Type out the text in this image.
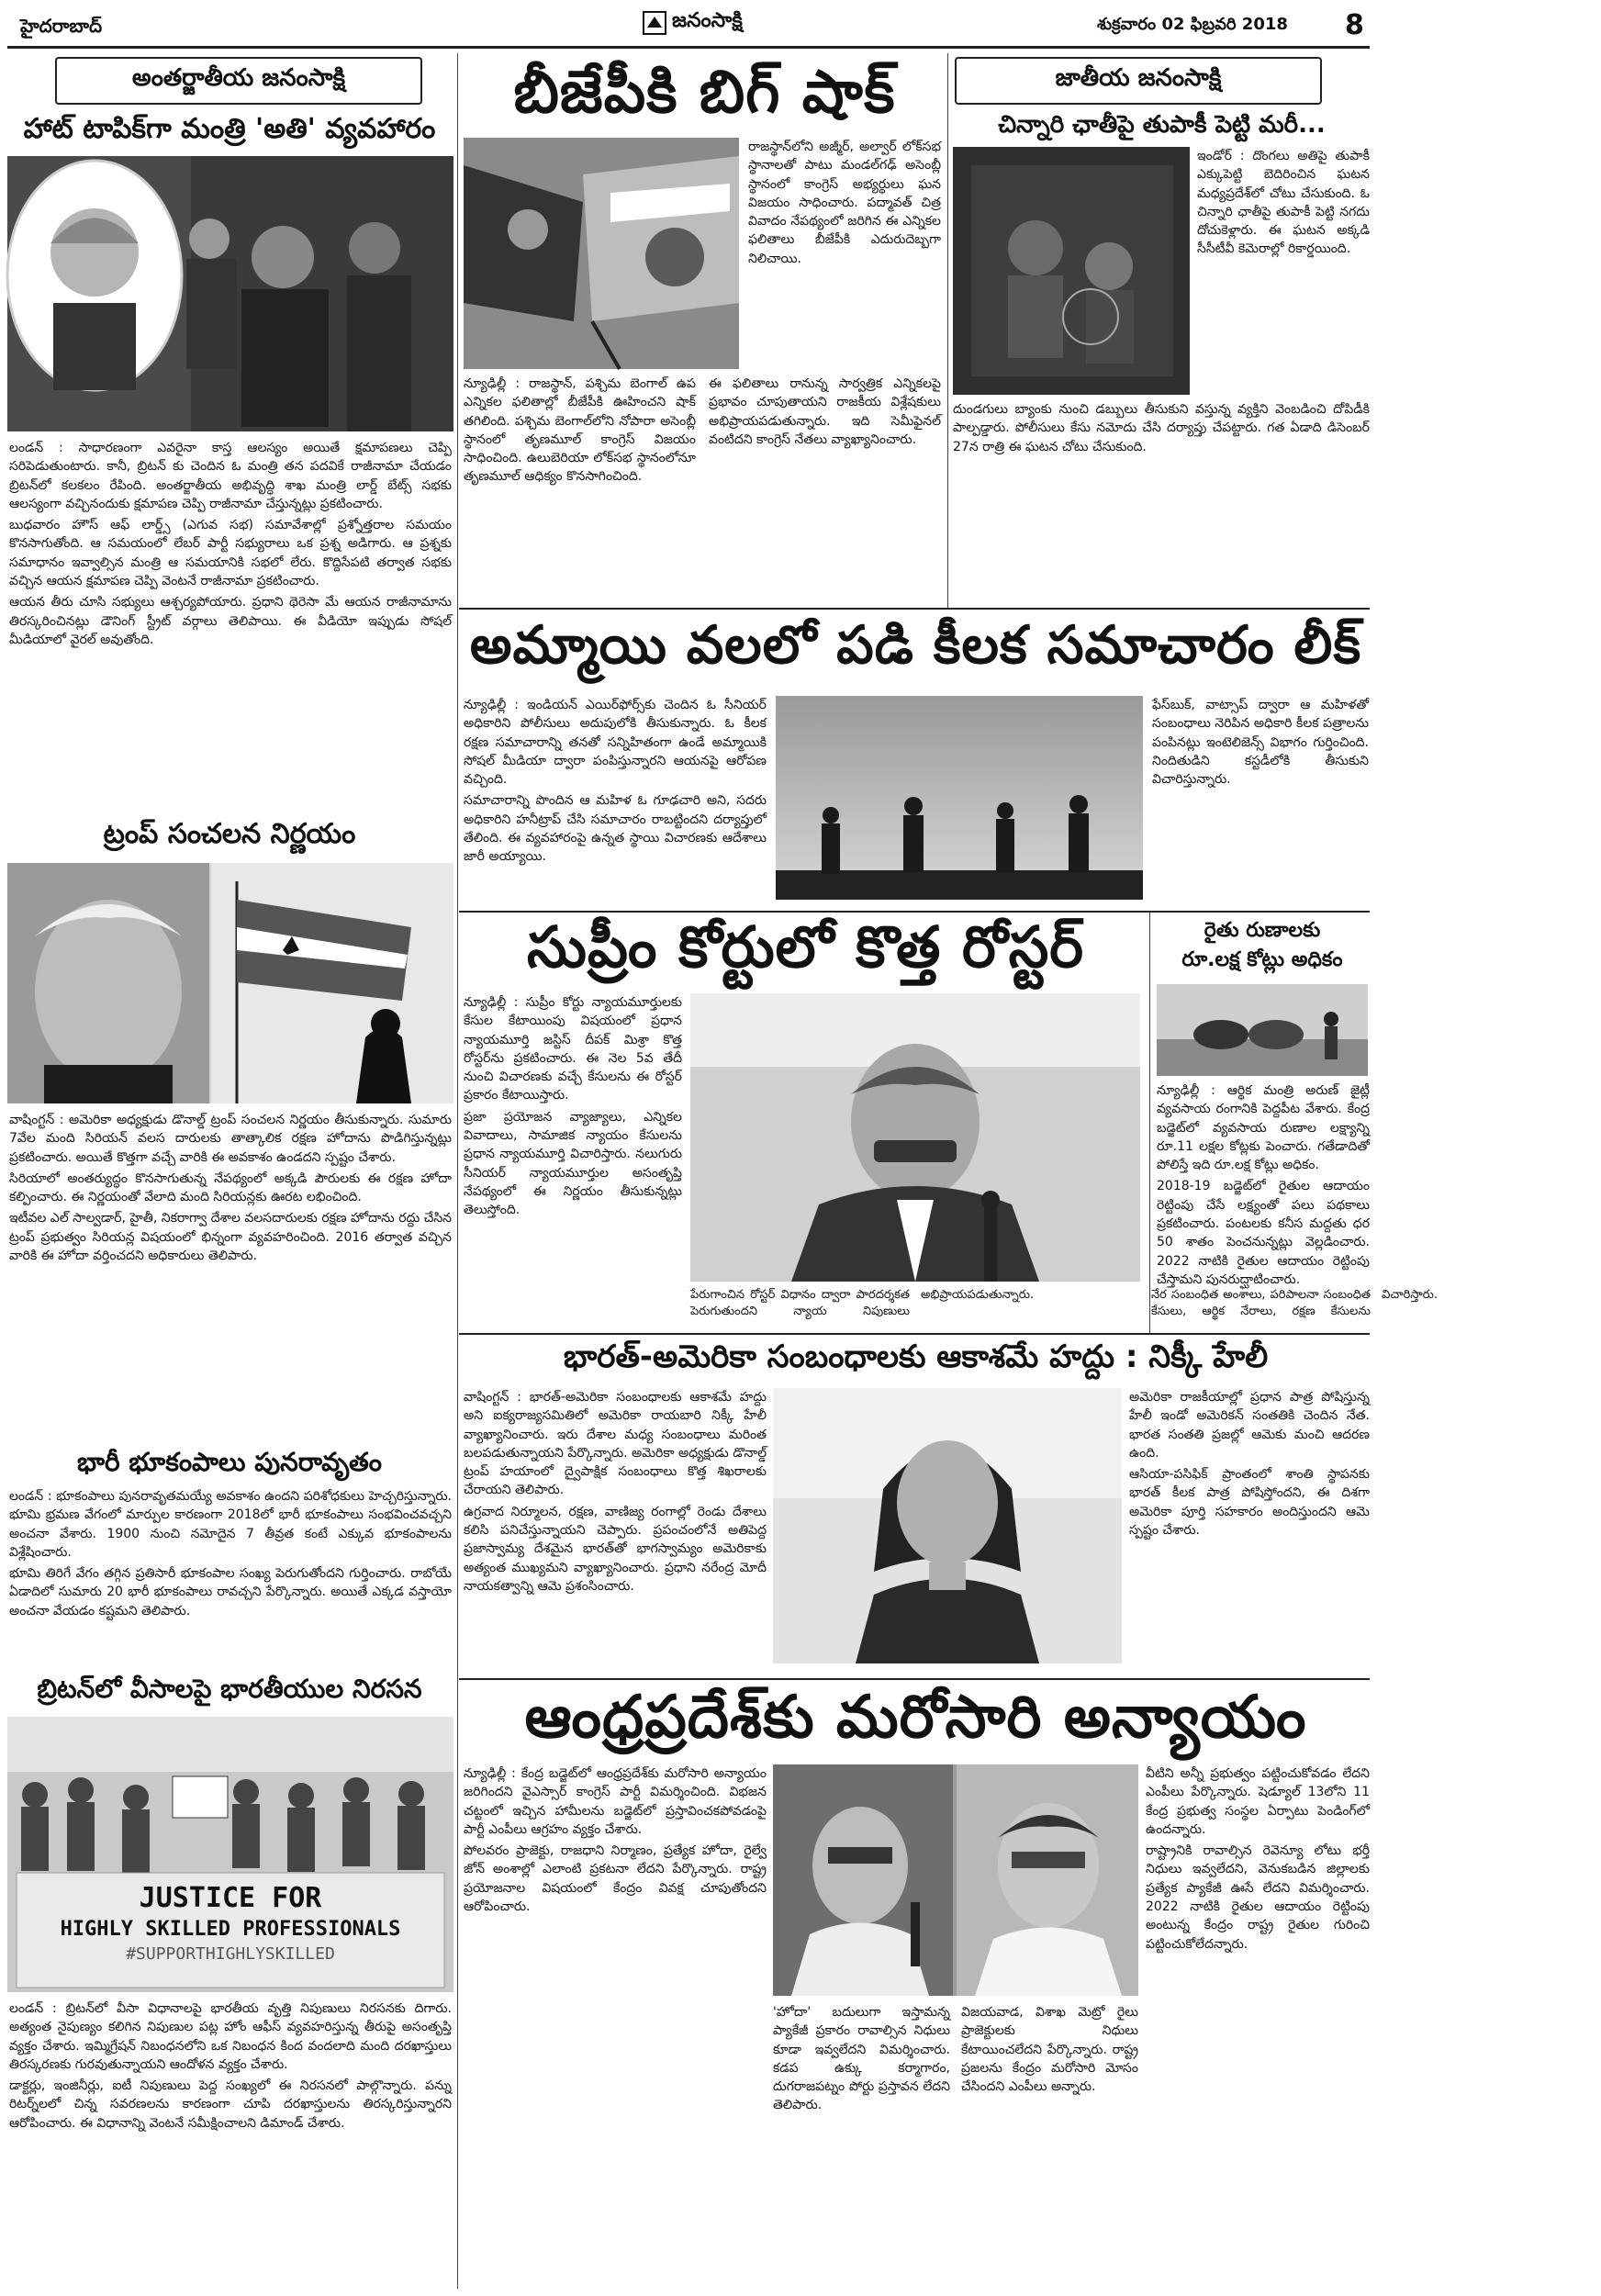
హైదరాబాద్	జనంసాక్షి	శుక్రవారం 02 ఫిబ్రవరి 2018 8
అంతర్జాతీయ జనంసాక్షి
హాట్ టాపిక్‌గా మంత్రి 'అతి' వ్యవహారం

లండన్ : సాధారణంగా ఎవరైనా కాస్త ఆలస్యం అయితే క్షమాపణలు చెప్పి సరిపెడుతుంటారు. కానీ, బ్రిటన్ కు చెందిన ఓ మంత్రి తన పదవికే రాజీనామా చేయడం బ్రిటన్‌లో కలకలం రేపింది. అంతర్జాతీయ అభివృద్ధి శాఖ మంత్రి లార్డ్ బేట్స్ సభకు ఆలస్యంగా వచ్చినందుకు క్షమాపణ చెప్పి రాజీనామా చేస్తున్నట్లు ప్రకటించారు.

బుధవారం హౌస్ ఆఫ్ లార్డ్స్ (ఎగువ సభ) సమావేశాల్లో ప్రశ్నోత్తరాల సమయం కొనసాగుతోంది. ఆ సమయంలో లేబర్ పార్టీ సభ్యురాలు ఒక ప్రశ్న అడిగారు. ఆ ప్రశ్నకు సమాధానం ఇవ్వాల్సిన మంత్రి ఆ సమయానికి సభలో లేరు. కొద్దిసేపటి తర్వాత సభకు వచ్చిన ఆయన క్షమాపణ చెప్పి వెంటనే రాజీనామా ప్రకటించారు.

ఆయన తీరు చూసి సభ్యులు ఆశ్చర్యపోయారు. ప్రధాని థెరెసా మే ఆయన రాజీనామాను తిరస్కరించినట్లు డౌనింగ్ స్ట్రీట్ వర్గాలు తెలిపాయి. ఈ వీడియో ఇప్పుడు సోషల్ మీడియాలో వైరల్ అవుతోంది.

ట్రంప్ సంచలన నిర్ణయం

వాషింగ్టన్ : అమెరికా అధ్యక్షుడు డొనాల్డ్ ట్రంప్ సంచలన నిర్ణయం తీసుకున్నారు. సుమారు 7వేల మంది సిరియన్ వలస దారులకు తాత్కాలిక రక్షణ హోదాను పొడిగిస్తున్నట్లు ప్రకటించారు. అయితే కొత్తగా వచ్చే వారికి ఈ అవకాశం ఉండదని స్పష్టం చేశారు.

సిరియాలో అంతర్యుద్ధం కొనసాగుతున్న నేపథ్యంలో అక్కడి పౌరులకు ఈ రక్షణ హోదా కల్పించారు. ఈ నిర్ణయంతో వేలాది మంది సిరియన్లకు ఊరట లభించింది.

ఇటీవల ఎల్ సాల్వడార్, హైతీ, నికరాగ్వా దేశాల వలసదారులకు రక్షణ హోదాను రద్దు చేసిన ట్రంప్ ప్రభుత్వం సిరియన్ల విషయంలో భిన్నంగా వ్యవహరించింది. 2016 తర్వాత వచ్చిన వారికి ఈ హోదా వర్తించదని అధికారులు తెలిపారు.

భారీ భూకంపాలు పునరావృతం

లండన్ : భూకంపాలు పునరావృతమయ్యే అవకాశం ఉందని పరిశోధకులు హెచ్చరిస్తున్నారు. భూమి భ్రమణ వేగంలో మార్పుల కారణంగా 2018లో భారీ భూకంపాలు సంభవించవచ్చని అంచనా వేశారు. 1900 నుంచి నమోదైన 7 తీవ్రత కంటే ఎక్కువ భూకంపాలను విశ్లేషించారు.

భూమి తిరిగే వేగం తగ్గిన ప్రతిసారీ భూకంపాల సంఖ్య పెరుగుతోందని గుర్తించారు. రాబోయే ఏడాదిలో సుమారు 20 భారీ భూకంపాలు రావచ్చని పేర్కొన్నారు. అయితే ఎక్కడ వస్తాయో అంచనా వేయడం కష్టమని తెలిపారు.

బ్రిటన్‌లో వీసాలపై భారతీయుల నిరసన
JUSTICE FOR
HIGHLY SKILLED PROFESSIONALS
#SUPPORTHIGHLYSKILLED

లండన్ : బ్రిటన్‌లో వీసా విధానాలపై భారతీయ వృత్తి నిపుణులు నిరసనకు దిగారు. అత్యంత నైపుణ్యం కలిగిన నిపుణుల పట్ల హోం ఆఫీస్ వ్యవహరిస్తున్న తీరుపై అసంతృప్తి వ్యక్తం చేశారు. ఇమ్మిగ్రేషన్ నిబంధనలోని ఒక నిబంధన కింద వందలాది మంది దరఖాస్తులు తిరస్కరణకు గురవుతున్నాయని ఆందోళన వ్యక్తం చేశారు.

డాక్టర్లు, ఇంజినీర్లు, ఐటీ నిపుణులు పెద్ద సంఖ్యలో ఈ నిరసనలో పాల్గొన్నారు. పన్ను రిటర్న్‌లలో చిన్న సవరణలను కారణంగా చూపి దరఖాస్తులను తిరస్కరిస్తున్నారని ఆరోపించారు. ఈ విధానాన్ని వెంటనే సమీక్షించాలని డిమాండ్ చేశారు.

బీజేపీకి బిగ్ షాక్

రాజస్థాన్‌లోని అజ్మీర్, అల్వార్ లోక్‌సభ స్థానాలతో పాటు మండల్‌గఢ్ అసెంబ్లీ స్థానంలో కాంగ్రెస్ అభ్యర్థులు ఘన విజయం సాధించారు. పద్మావత్ చిత్ర వివాదం నేపథ్యంలో జరిగిన ఈ ఎన్నికల ఫలితాలు బీజేపీకి ఎదురుదెబ్బగా నిలిచాయి.

న్యూఢిల్లీ : రాజస్థాన్, పశ్చిమ బెంగాల్ ఉప ఎన్నికల ఫలితాల్లో బీజేపీకి ఊహించని షాక్ తగిలింది. పశ్చిమ బెంగాల్‌లోని నోపారా అసెంబ్లీ స్థానంలో తృణమూల్ కాంగ్రెస్ విజయం సాధించింది. ఉలుబెరియా లోక్‌సభ స్థానంలోనూ తృణమూల్ ఆధిక్యం కొనసాగించింది.

ఈ ఫలితాలు రానున్న సార్వత్రిక ఎన్నికలపై ప్రభావం చూపుతాయని రాజకీయ విశ్లేషకులు అభిప్రాయపడుతున్నారు. ఇది సెమీఫైనల్ వంటిదని కాంగ్రెస్ నేతలు వ్యాఖ్యానించారు.

జాతీయ జనంసాక్షి
చిన్నారి ఛాతీపై తుపాకీ పెట్టి మరీ...

ఇండోర్ : దొంగలు అతిపై తుపాకీ ఎక్కుపెట్టి బెదిరించిన ఘటన మధ్యప్రదేశ్‌లో చోటు చేసుకుంది. ఓ చిన్నారి ఛాతీపై తుపాకీ పెట్టి నగదు దోచుకెళ్లారు. ఈ ఘటన అక్కడి సీసీటీవీ కెమెరాల్లో రికార్డయింది.

దుండగులు బ్యాంకు నుంచి డబ్బులు తీసుకుని వస్తున్న వ్యక్తిని వెంబడించి దోపిడీకి పాల్పడ్డారు. పోలీసులు కేసు నమోదు చేసి దర్యాప్తు చేపట్టారు. గత ఏడాది డిసెంబర్ 27న రాత్రి ఈ ఘటన చోటు చేసుకుంది.

అమ్మాయి వలలో పడి కీలక సమాచారం లీక్

న్యూఢిల్లీ : ఇండియన్ ఎయిర్‌ఫోర్స్‌కు చెందిన ఓ సీనియర్ అధికారిని పోలీసులు అదుపులోకి తీసుకున్నారు. ఓ కీలక రక్షణ సమాచారాన్ని తనతో సన్నిహితంగా ఉండే అమ్మాయికి సోషల్ మీడియా ద్వారా పంపిస్తున్నారని ఆయనపై ఆరోపణ వచ్చింది.

సమాచారాన్ని పొందిన ఆ మహిళ ఓ గూఢచారి అని, సదరు అధికారిని హనీట్రాప్ చేసి సమాచారం రాబట్టిందని దర్యాప్తులో తేలింది. ఈ వ్యవహారంపై ఉన్నత స్థాయి విచారణకు ఆదేశాలు జారీ అయ్యాయి.

ఫేస్‌బుక్, వాట్సాప్ ద్వారా ఆ మహిళతో సంబంధాలు నెరిపిన అధికారి కీలక పత్రాలను పంపినట్లు ఇంటెలిజెన్స్ విభాగం గుర్తించింది. నిందితుడిని కస్టడీలోకి తీసుకుని విచారిస్తున్నారు.

సుప్రీం కోర్టులో కొత్త రోస్టర్

న్యూఢిల్లీ : సుప్రీం కోర్టు న్యాయమూర్తులకు కేసుల కేటాయింపు విషయంలో ప్రధాన న్యాయమూర్తి జస్టిస్ దీపక్ మిశ్రా కొత్త రోస్టర్‌ను ప్రకటించారు. ఈ నెల 5వ తేదీ నుంచి విచారణకు వచ్చే కేసులను ఈ రోస్టర్ ప్రకారం కేటాయిస్తారు.

ప్రజా ప్రయోజన వ్యాజ్యాలు, ఎన్నికల వివాదాలు, సామాజిక న్యాయం కేసులను ప్రధాన న్యాయమూర్తి విచారిస్తారు. నలుగురు సీనియర్ న్యాయమూర్తుల అసంతృప్తి నేపథ్యంలో ఈ నిర్ణయం తీసుకున్నట్లు తెలుస్తోంది.

పేరుగాంచిన రోస్టర్ విధానం ద్వారా పారదర్శకత పెరుగుతుందని న్యాయ నిపుణులు అభిప్రాయపడుతున్నారు.	నేర సంబంధిత అంశాలు, పరిపాలనా సంబంధిత కేసులు, ఆర్థిక నేరాలు, రక్షణ కేసులను విచారిస్తారు.

రైతు రుణాలకు
రూ.లక్ష కోట్లు అధికం

న్యూఢిల్లీ : ఆర్థిక మంత్రి అరుణ్ జైట్లీ వ్యవసాయ రంగానికి పెద్దపీట వేశారు. కేంద్ర బడ్జెట్‌లో వ్యవసాయ రుణాల లక్ష్యాన్ని రూ.11 లక్షల కోట్లకు పెంచారు. గతేడాదితో పోలిస్తే ఇది రూ.లక్ష కోట్లు అధికం.

2018-19 బడ్జెట్‌లో రైతుల ఆదాయం రెట్టింపు చేసే లక్ష్యంతో పలు పథకాలు ప్రకటించారు. పంటలకు కనీస మద్దతు ధర 50 శాతం పెంచనున్నట్లు వెల్లడించారు. 2022 నాటికి రైతుల ఆదాయం రెట్టింపు చేస్తామని పునరుద్ఘాటించారు.

భారత్-అమెరికా సంబంధాలకు ఆకాశమే హద్దు : నిక్కీ హేలీ

వాషింగ్టన్ : భారత్-అమెరికా సంబంధాలకు ఆకాశమే హద్దు అని ఐక్యరాజ్యసమితిలో అమెరికా రాయబారి నిక్కీ హేలీ వ్యాఖ్యానించారు. ఇరు దేశాల మధ్య సంబంధాలు మరింత బలపడుతున్నాయని పేర్కొన్నారు. అమెరికా అధ్యక్షుడు డొనాల్డ్ ట్రంప్ హయాంలో ద్వైపాక్షిక సంబంధాలు కొత్త శిఖరాలకు చేరాయని తెలిపారు.

ఉగ్రవాద నిర్మూలన, రక్షణ, వాణిజ్య రంగాల్లో రెండు దేశాలు కలిసి పనిచేస్తున్నాయని చెప్పారు. ప్రపంచంలోనే అతిపెద్ద ప్రజాస్వామ్య దేశమైన భారత్‌తో భాగస్వామ్యం అమెరికాకు అత్యంత ముఖ్యమని వ్యాఖ్యానించారు. ప్రధాని నరేంద్ర మోదీ నాయకత్వాన్ని ఆమె ప్రశంసించారు.

అమెరికా రాజకీయాల్లో ప్రధాన పాత్ర పోషిస్తున్న హేలీ ఇండో అమెరికన్ సంతతికి చెందిన నేత. భారత సంతతి ప్రజల్లో ఆమెకు మంచి ఆదరణ ఉంది.

ఆసియా-పసిఫిక్ ప్రాంతంలో శాంతి స్థాపనకు భారత్ కీలక పాత్ర పోషిస్తోందని, ఈ దిశగా అమెరికా పూర్తి సహకారం అందిస్తుందని ఆమె స్పష్టం చేశారు.

ఆంధ్రప్రదేశ్‌కు మరోసారి అన్యాయం

న్యూఢిల్లీ : కేంద్ర బడ్జెట్‌లో ఆంధ్రప్రదేశ్‌కు మరోసారి అన్యాయం జరిగిందని వైఎస్సార్ కాంగ్రెస్ పార్టీ విమర్శించింది. విభజన చట్టంలో ఇచ్చిన హామీలను బడ్జెట్‌లో ప్రస్తావించకపోవడంపై పార్టీ ఎంపీలు ఆగ్రహం వ్యక్తం చేశారు.

పోలవరం ప్రాజెక్టు, రాజధాని నిర్మాణం, ప్రత్యేక హోదా, రైల్వే జోన్ అంశాల్లో ఎలాంటి ప్రకటనా లేదని పేర్కొన్నారు. రాష్ట్ర ప్రయోజనాల విషయంలో కేంద్రం వివక్ష చూపుతోందని ఆరోపించారు.

'హోదా' బదులుగా ఇస్తామన్న ప్యాకేజీ ప్రకారం రావాల్సిన నిధులు కూడా ఇవ్వలేదని విమర్శించారు. కడప ఉక్కు కర్మాగారం, దుగరాజపట్నం పోర్టు ప్రస్తావన లేదని తెలిపారు.

విజయవాడ, విశాఖ మెట్రో రైలు ప్రాజెక్టులకు నిధులు కేటాయించలేదని పేర్కొన్నారు. రాష్ట్ర ప్రజలను కేంద్రం మరోసారి మోసం చేసిందని ఎంపీలు అన్నారు.

వీటిని అన్నీ ప్రభుత్వం పట్టించుకోవడం లేదని ఎంపీలు పేర్కొన్నారు. షెడ్యూల్ 13లోని 11 కేంద్ర ప్రభుత్వ సంస్థల ఏర్పాటు పెండింగ్‌లో ఉందన్నారు.

రాష్ట్రానికి రావాల్సిన రెవెన్యూ లోటు భర్తీ నిధులు ఇవ్వలేదని, వెనుకబడిన జిల్లాలకు ప్రత్యేక ప్యాకేజీ ఊసే లేదని విమర్శించారు. 2022 నాటికి రైతుల ఆదాయం రెట్టింపు అంటున్న కేంద్రం రాష్ట్ర రైతుల గురించి పట్టించుకోలేదన్నారు.
